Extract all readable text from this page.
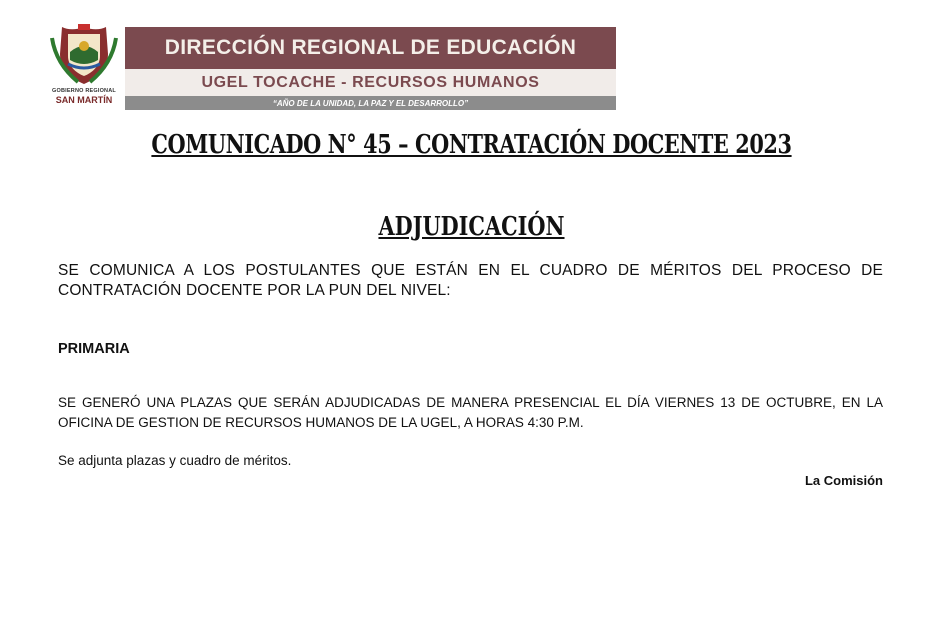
GOBIERNO REGIONAL
SAN MARTÍN
DIRECCIÓN REGIONAL DE EDUCACIÓN
UGEL TOCACHE - RECURSOS HUMANOS
“AÑO DE LA UNIDAD, LA PAZ Y EL DESARROLLO”
COMUNICADO N° 45 – CONTRATACIÓN DOCENTE 2023
ADJUDICACIÓN
SE COMUNICA A LOS POSTULANTES QUE ESTÁN EN EL CUADRO DE MÉRITOS DEL PROCESO DE CONTRATACIÓN DOCENTE POR LA PUN DEL NIVEL:
PRIMARIA
SE GENERÓ UNA PLAZAS QUE SERÁN ADJUDICADAS DE MANERA PRESENCIAL EL DÍA VIERNES 13 DE OCTUBRE, EN LA OFICINA DE GESTION DE RECURSOS HUMANOS DE LA UGEL, A HORAS 4:30 P.M.
Se adjunta plazas y cuadro de méritos.
La Comisión
